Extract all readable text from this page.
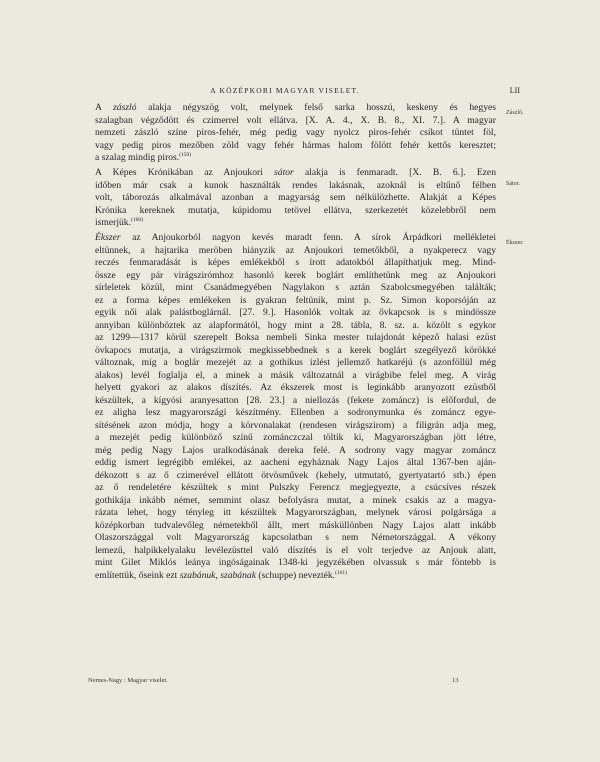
A KÖZÉPKORI MAGYAR VISELET.	LII
Zászló.
Sátor.
Ékszer.
A zászló alakja négyszög volt, melynek felső sarka hosszú, keskeny és hegyes
szalagban végződött és czimerrel volt ellátva. [X. A. 4., X. B. 8., XI. 7.]. A magyar
nemzeti zászló színe piros-fehér, még pedig vagy nyolcz piros-fehér csíkot tüntet föl,
vagy pedig piros mezőben zöld vagy fehér hármas halom fölött fehér kettős keresztet;
a szalag mindig piros.$^{(159)}$
A Képes Krónikában az Anjoukori sátor alakja is fenmaradt. [X. B. 6.]. Ezen
időben már csak a kunok használták rendes lakásnak, azoknál is eltűnő félben
volt, táborozás alkalmával azonban a magyarság sem nélkülözhette. Alakját a Képes
Krónika kereknek mutatja, kúpidomu tetövel ellátva, szerkezetét közelebbről nem
ismerjük.$^{(160)}$
Ékszer az Anjoukorból nagyon kevés maradt fenn. A sírok Árpádkori mellékletei
eltünnek, a hajtarika meröben hiányzik az Anjoukori temetőkből, a nyakperecz vagy
reczés fenmaradását is képes emlékekből s írott adatokból állapíthatjuk meg. Mind-
össze egy pár virágszirómhoz hasonló kerek boglárt említhetünk meg az Anjoukori
sírleletek közül, mint Csanádmegyében Nagylakon s aztán Szabolcsmegyében találták;
ez a forma képes emlékeken is gyakran feltünik, mint p. Sz. Simon koporsóján az
egyik női alak palástboglárnál. [27. 9.]. Hasonlók voltak az ővkapcsok is s mindössze
annyiban különböztek az alapformától, hogy mint a 28. tábla, 8. sz. a. közölt s egykor
az 1299—1317 körül szerepelt Boksa nembeli Sinka mester tulajdonát képező halasi ezüst
övkapocs mutatja, a virágszirmok megkissebbednek s a kerek boglárt szegélyező körökké
változnak, míg a boglár mezejét az a gothikus izlést jellemző hatkaréjú (s azonföllül még
alakos) levél foglalja el, a minek a másik változatnál a virágbibe felel meg. A virág
helyett gyakori az alakos díszítés. Az ékszerek most is legínkább aranyozott ezüstből
készültek, a kígyósi aranyesatton [28. 23.] a niellozás (fekete zománcz) is előfordul, de
ez aligha lesz magyarországi készítmény. Ellenben a sodronymunka és zománcz egye-
sítésének azon módja, hogy a körvonalakat (rendesen virágszirom) a filigrán adja meg,
a mezejét pedig különböző színű zománczczal töltik ki, Magyarországban jött létre,
még pedig Nagy Lajos uralkodásának dereka felé. A sodrony vagy magyar zománcz
eddig ismert legrégibb emlékei, az aacheni egyháznak Nagy Lajos által 1367-ben aján-
dékozott s az ő czimerével ellátott ötvösművek (kehely, utmutató, gyertyatartó stb.) épen
az ő rendeletére készültek s mint Pulszky Ferencz megjegyezte, a csúcsíves részek
gothikája inkább német, semmint olasz befolyásra mutat, a minek csakis az a magya-
rázata lehet, hogy tényleg itt készültek Magyarországban, melynek városi polgársága a
középkorban tudvalevőleg németekből állt, mert másküllönben Nagy Lajos alatt inkább
Olaszországgal volt Magyarország kapcsolatban s nem Németországgal. A vékony
lemezű, halpikkelyalaku levélezüsttel való díszítés is el volt terjedve az Anjouk alatt,
mint Gilet Miklós leánya ingóságainak 1348-ki jegyzékében olvassuk s már föntebb is
említettük, őseink ezt szabánuk, szabának (schuppe) nevezték.$^{(161)}$
Nemes-Nagy : Magyar viselet.	13
